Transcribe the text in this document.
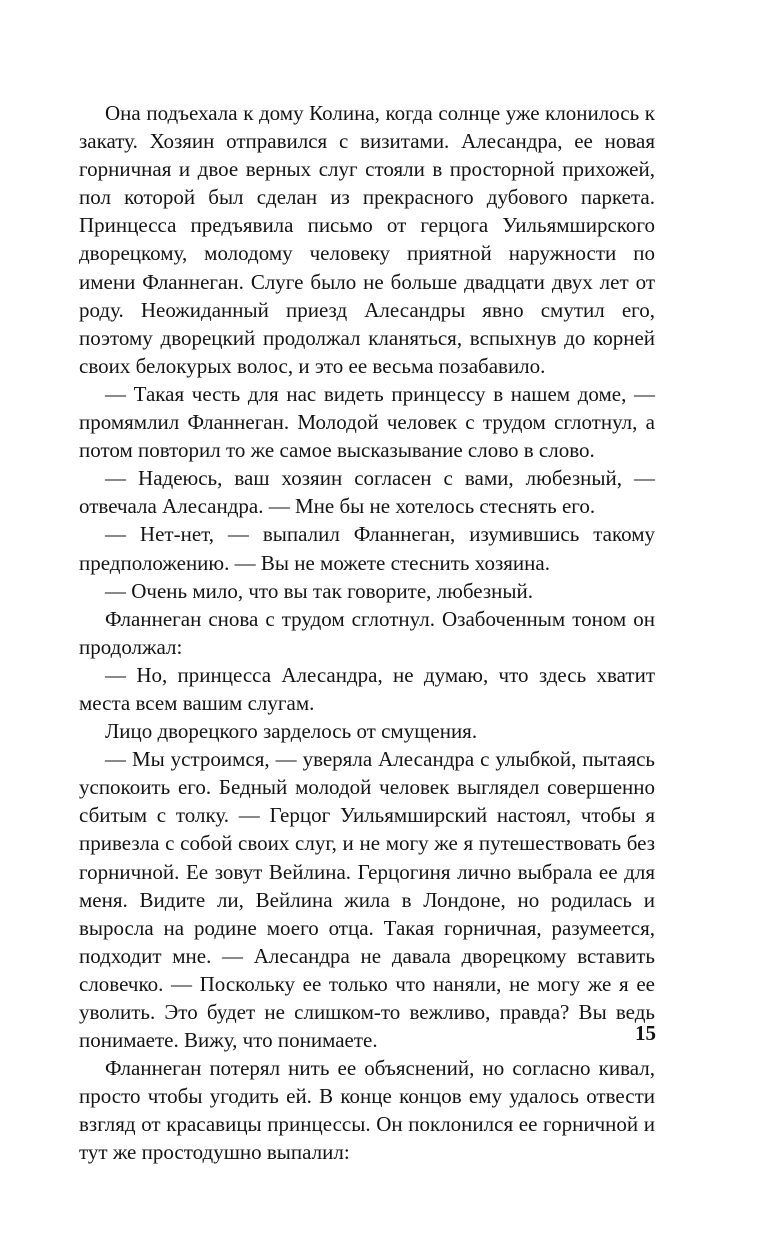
Она подъехала к дому Колина, когда солнце уже клонилось к закату. Хозяин отправился с визитами. Алесандра, ее новая горничная и двое верных слуг стояли в просторной прихожей, пол которой был сделан из прекрасного дубового паркета. Принцесса предъявила письмо от герцога Уильямширского дворецкому, молодому человеку приятной наружности по имени Фланнеган. Слуге было не больше двадцати двух лет от роду. Неожиданный приезд Алесандры явно смутил его, поэтому дворецкий продолжал кланяться, вспыхнув до корней своих белокурых волос, и это ее весьма позабавило.

— Такая честь для нас видеть принцессу в нашем доме, — промямлил Фланнеган. Молодой человек с трудом сглотнул, а потом повторил то же самое высказывание слово в слово.

— Надеюсь, ваш хозяин согласен с вами, любезный, — отвечала Алесандра. — Мне бы не хотелось стеснять его.

— Нет-нет, — выпалил Фланнеган, изумившись такому предположению. — Вы не можете стеснить хозяина.

— Очень мило, что вы так говорите, любезный.

Фланнеган снова с трудом сглотнул. Озабоченным тоном он продолжал:

— Но, принцесса Алесандра, не думаю, что здесь хватит места всем вашим слугам.

Лицо дворецкого зарделось от смущения.

— Мы устроимся, — уверяла Алесандра с улыбкой, пытаясь успокоить его. Бедный молодой человек выглядел совершенно сбитым с толку. — Герцог Уильямширский настоял, чтобы я привезла с собой своих слуг, и не могу же я путешествовать без горничной. Ее зовут Вейлина. Герцогиня лично выбрала ее для меня. Видите ли, Вейлина жила в Лондоне, но родилась и выросла на родине моего отца. Такая горничная, разумеется, подходит мне. — Алесандра не давала дворецкому вставить словечко. — Поскольку ее только что наняли, не могу же я ее уволить. Это будет не слишком-то вежливо, правда? Вы ведь понимаете. Вижу, что понимаете.

Фланнеган потерял нить ее объяснений, но согласно кивал, просто чтобы угодить ей. В конце концов ему удалось отвести взгляд от красавицы принцессы. Он поклонился ее горничной и тут же простодушно выпалил:

15
